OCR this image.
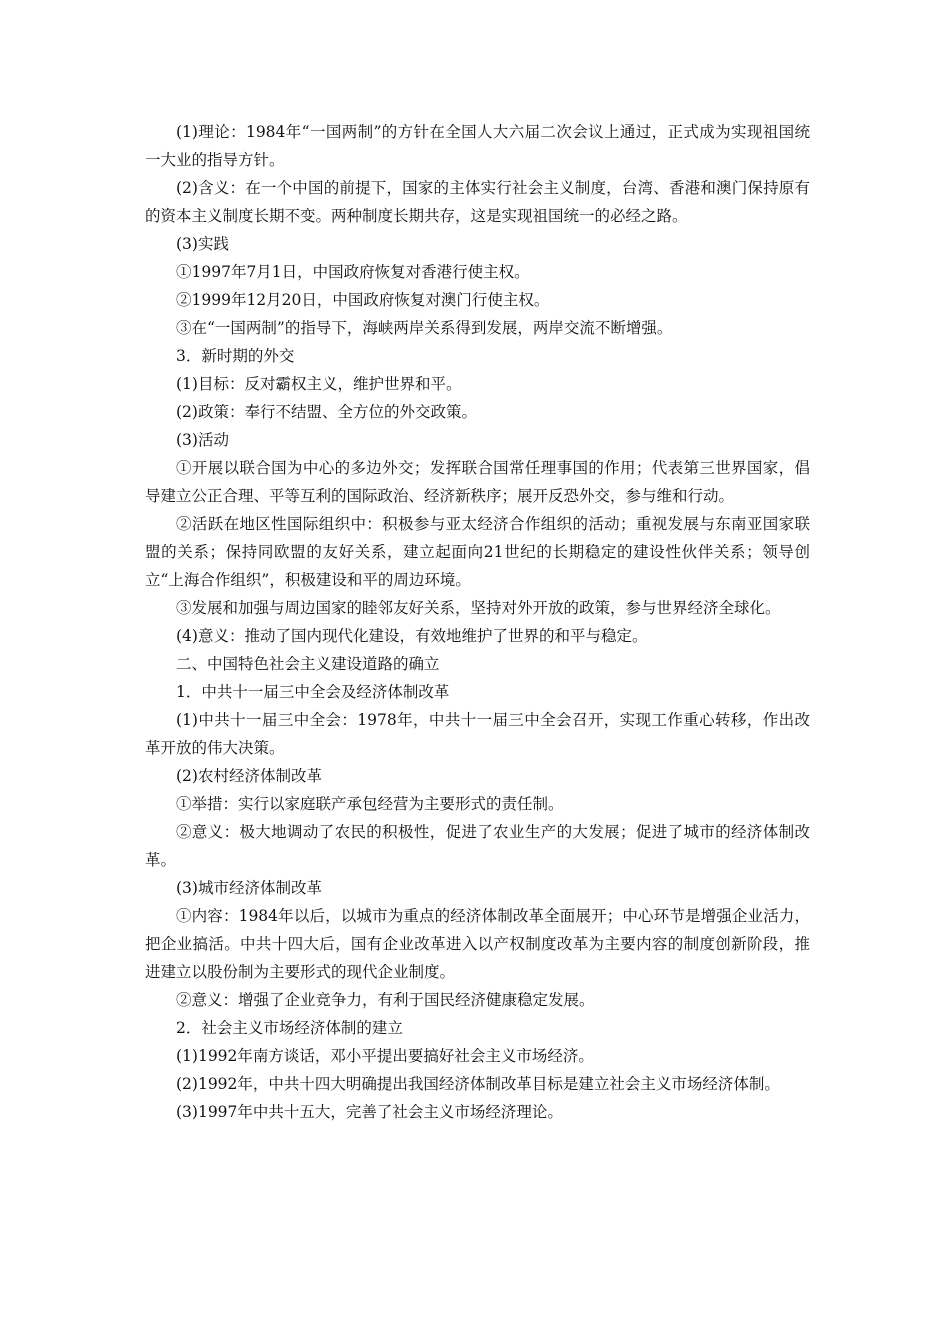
(1)理论：1984年“一国两制”的方针在全国人大六届二次会议上通过，正式成为实现祖国统一大业的指导方针。

(2)含义：在一个中国的前提下，国家的主体实行社会主义制度，台湾、香港和澳门保持原有的资本主义制度长期不变。两种制度长期共存，这是实现祖国统一的必经之路。

(3)实践

①1997年7月1日，中国政府恢复对香港行使主权。

②1999年12月20日，中国政府恢复对澳门行使主权。

③在“一国两制”的指导下，海峡两岸关系得到发展，两岸交流不断增强。

3．新时期的外交

(1)目标：反对霸权主义，维护世界和平。

(2)政策：奉行不结盟、全方位的外交政策。

(3)活动

①开展以联合国为中心的多边外交；发挥联合国常任理事国的作用；代表第三世界国家，倡导建立公正合理、平等互利的国际政治、经济新秩序；展开反恐外交，参与维和行动。

②活跃在地区性国际组织中：积极参与亚太经济合作组织的活动；重视发展与东南亚国家联盟的关系；保持同欧盟的友好关系，建立起面向21世纪的长期稳定的建设性伙伴关系；领导创立“上海合作组织”，积极建设和平的周边环境。

③发展和加强与周边国家的睦邻友好关系，坚持对外开放的政策，参与世界经济全球化。

(4)意义：推动了国内现代化建设，有效地维护了世界的和平与稳定。

二、中国特色社会主义建设道路的确立

1．中共十一届三中全会及经济体制改革

(1)中共十一届三中全会：1978年，中共十一届三中全会召开，实现工作重心转移，作出改革开放的伟大决策。

(2)农村经济体制改革

①举措：实行以家庭联产承包经营为主要形式的责任制。

②意义：极大地调动了农民的积极性，促进了农业生产的大发展；促进了城市的经济体制改革。

(3)城市经济体制改革

①内容：1984年以后，以城市为重点的经济体制改革全面展开；中心环节是增强企业活力，把企业搞活。中共十四大后，国有企业改革进入以产权制度改革为主要内容的制度创新阶段，推进建立以股份制为主要形式的现代企业制度。

②意义：增强了企业竞争力，有利于国民经济健康稳定发展。

2．社会主义市场经济体制的建立

(1)1992年南方谈话，邓小平提出要搞好社会主义市场经济。

(2)1992年，中共十四大明确提出我国经济体制改革目标是建立社会主义市场经济体制。

(3)1997年中共十五大，完善了社会主义市场经济理论。
